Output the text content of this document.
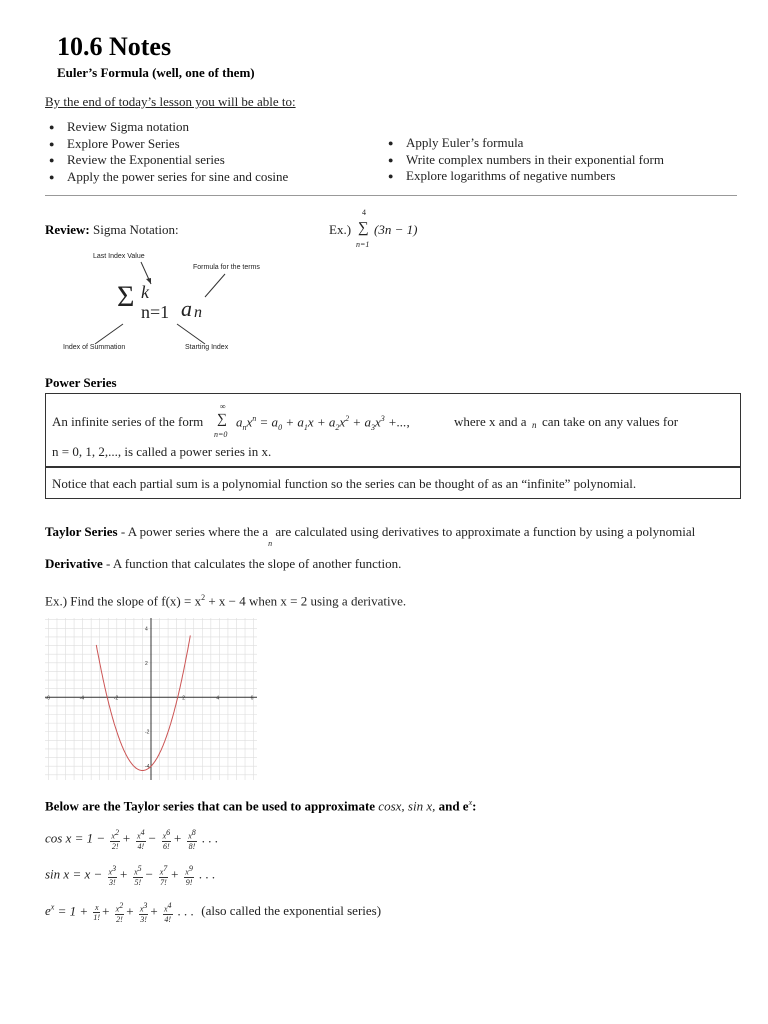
10.6 Notes
Euler’s Formula (well, one of them)
By the end of today’s lesson you will be able to:
● Review Sigma notation
● Explore Power Series
● Review the Exponential series
● Apply the power series for sine and cosine
● Apply Euler’s formula
● Write complex numbers in their exponential form
● Explore logarithms of negative numbers
Review: Sigma Notation:	Ex.)
4
∑
n=1
(3n − 1)
Last Index Value
Formula for the terms
Index of Summation	Starting Index
Σ k
n=1 a n
Power Series
An infinite series of the form
∞
∑
n=0
$a_nx^n = a_0 + a_1x + a_2x^2 + a_3x^3$ +...,	where x and a n can take on any values for
n = 0, 1, 2,..., is called a power series in x.
Notice that each partial sum is a polynomial function so the series can be thought of as an “infinite” polynomial.
Taylor Series - A power series where the $a_n$ are calculated using derivatives to approximate a function by using a polynomial
Derivative - A function that calculates the slope of another function.
Ex.) Find the slope of $f(x) = x^2 + x - 4$ when x = 2 using a derivative.
-6	-4	-2	2	4	6
4
2
-2
-4
Below are the Taylor series that can be used to approximate cosx, sin x, and $e^x$:
$\cos x = 1 - \frac{x^2}{2!} + \frac{x^4}{4!} - \frac{x^6}{6!} + \frac{x^8}{8!}$ . . .
$\sin x = x - \frac{x^3}{3!} + \frac{x^5}{5!} - \frac{x^7}{7!} + \frac{x^9}{9!}$ . . .
$e^x = 1 + \frac{x}{1!} + \frac{x^2}{2!} + \frac{x^3}{3!} + \frac{x^4}{4!}$ . . . (also called the exponential series)
